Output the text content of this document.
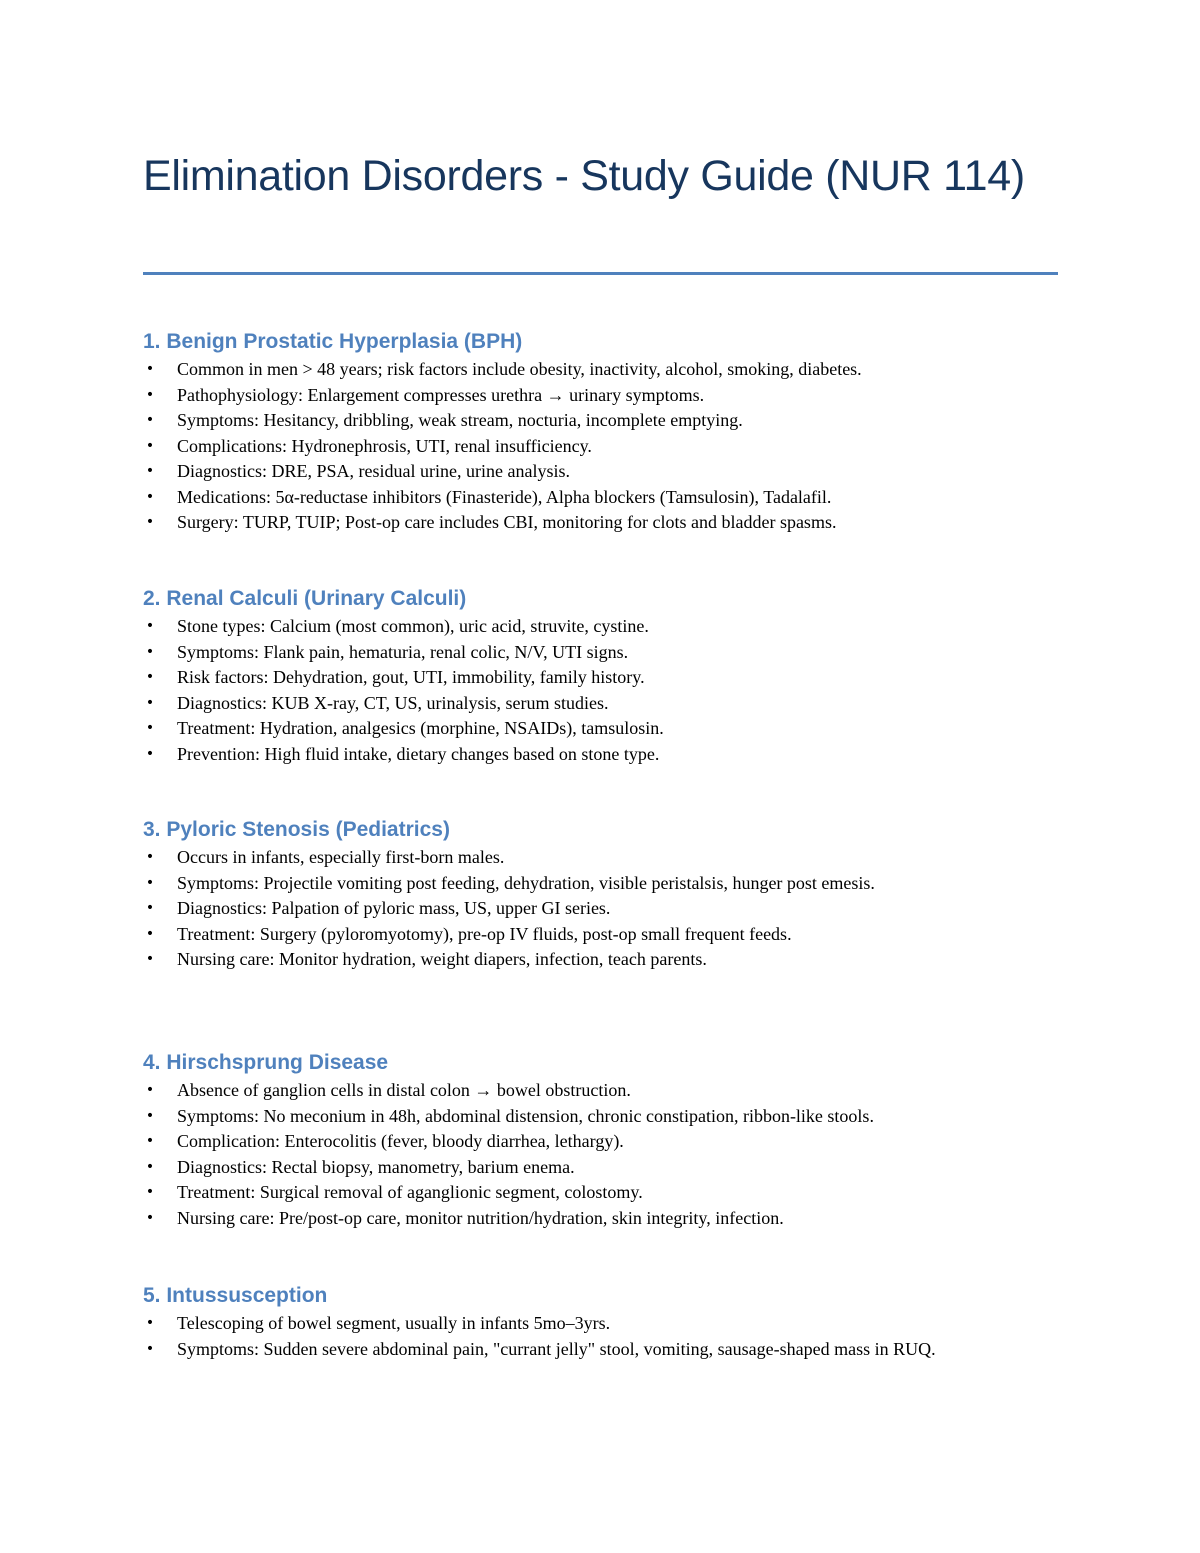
Elimination Disorders - Study Guide (NUR 114)
1. Benign Prostatic Hyperplasia (BPH)
• Common in men > 48 years; risk factors include obesity, inactivity, alcohol, smoking, diabetes.
• Pathophysiology: Enlargement compresses urethra → urinary symptoms.
• Symptoms: Hesitancy, dribbling, weak stream, nocturia, incomplete emptying.
• Complications: Hydronephrosis, UTI, renal insufficiency.
• Diagnostics: DRE, PSA, residual urine, urine analysis.
• Medications: 5α-reductase inhibitors (Finasteride), Alpha blockers (Tamsulosin), Tadalafil.
• Surgery: TURP, TUIP; Post-op care includes CBI, monitoring for clots and bladder spasms.
2. Renal Calculi (Urinary Calculi)
• Stone types: Calcium (most common), uric acid, struvite, cystine.
• Symptoms: Flank pain, hematuria, renal colic, N/V, UTI signs.
• Risk factors: Dehydration, gout, UTI, immobility, family history.
• Diagnostics: KUB X-ray, CT, US, urinalysis, serum studies.
• Treatment: Hydration, analgesics (morphine, NSAIDs), tamsulosin.
• Prevention: High fluid intake, dietary changes based on stone type.
3. Pyloric Stenosis (Pediatrics)
• Occurs in infants, especially first-born males.
• Symptoms: Projectile vomiting post feeding, dehydration, visible peristalsis, hunger post emesis.
• Diagnostics: Palpation of pyloric mass, US, upper GI series.
• Treatment: Surgery (pyloromyotomy), pre-op IV fluids, post-op small frequent feeds.
• Nursing care: Monitor hydration, weight diapers, infection, teach parents.
4. Hirschsprung Disease
• Absence of ganglion cells in distal colon → bowel obstruction.
• Symptoms: No meconium in 48h, abdominal distension, chronic constipation, ribbon-like stools.
• Complication: Enterocolitis (fever, bloody diarrhea, lethargy).
• Diagnostics: Rectal biopsy, manometry, barium enema.
• Treatment: Surgical removal of aganglionic segment, colostomy.
• Nursing care: Pre/post-op care, monitor nutrition/hydration, skin integrity, infection.
5. Intussusception
• Telescoping of bowel segment, usually in infants 5mo–3yrs.
• Symptoms: Sudden severe abdominal pain, "currant jelly" stool, vomiting, sausage-shaped mass in RUQ.
